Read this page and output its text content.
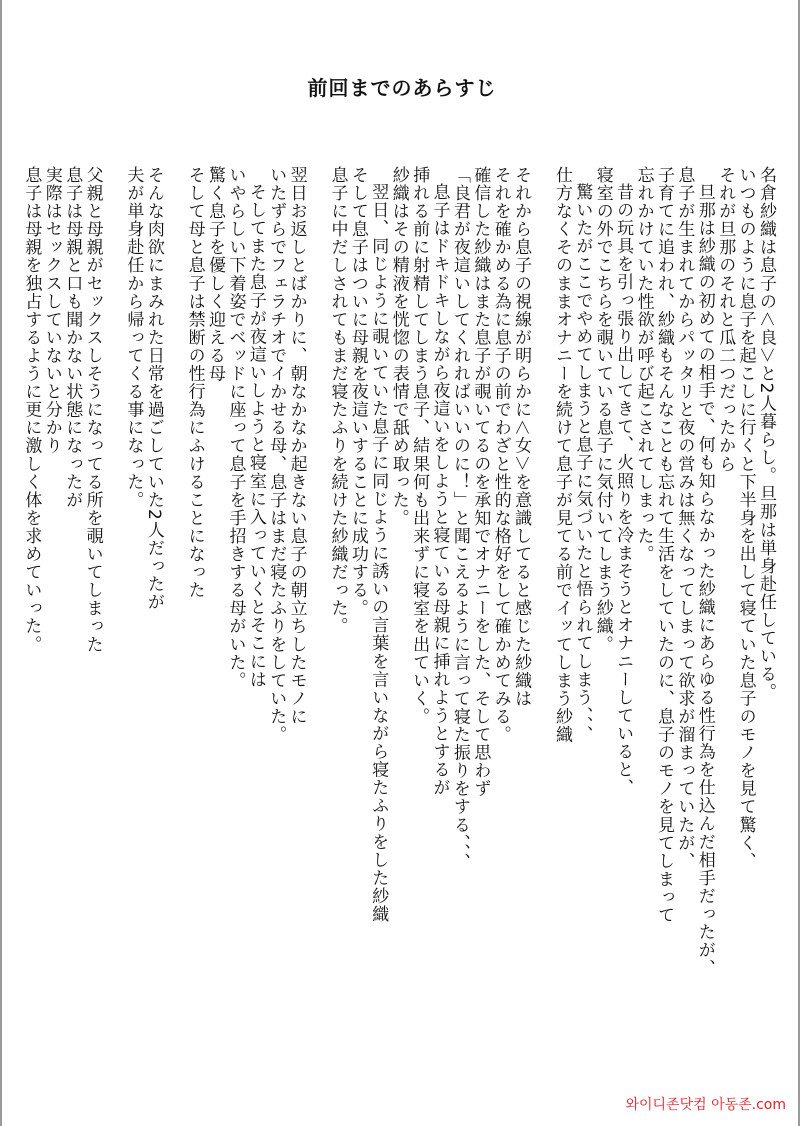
前回までのあらすじ
名倉紗織は息子の＜良＞と2人暮らし。旦那は単身赴任している。
いつものように息子を起こしに行くと下半身を出して寝ていた息子のモノを見て驚く、
それが旦那のそれと瓜二つだったから
旦那は紗織の初めての相手で、何も知らなかった紗織にあらゆる性行為を仕込んだ相手だったが、
息子が生まれてからパッタリと夜の営みは無くなってしまって欲求が溜まっていたが、
子育てに追われ、紗織もそんなことも忘れて生活をしていたのに、息子のモノを見てしまって
忘れかけていた性欲が呼び起こされてしまった。
昔の玩具を引っ張り出してきて、火照りを冷まそうとオナニーしていると、
寝室の外でこちらを覗いている息子に気付いてしまう紗織。
驚いたがここでやめてしまうと息子に気づいたと悟られてしまう、、、
仕方なくそのままオナニーを続けて息子が見てる前でイッてしまう紗織
それから息子の視線が明らかに＜女＞を意識してると感じた紗織は
それを確かめる為に息子の前でわざと性的な格好をして確かめてみる。
確信した紗織はまた息子が覗いてるのを承知でオナニーをした、そして思わず
「良君が夜這いしてくれればいいのに！」と聞こえるように言って寝た振りをする、、、
息子はドキドキしながら夜這いをしようと寝ている母親に挿れようとするが
挿れる前に射精してしまう息子、結果何も出来ずに寝室を出ていく。
紗織はその精液を恍惚の表情で舐め取った。
翌日、同じように覗いていた息子に同じように誘いの言葉を言いながら寝たふりをした紗織
そして息子はついに母親を夜這いすることに成功する。
息子に中だしされてもまだ寝たふりを続けた紗織だった。
翌日お返しとばかりに、朝なかなか起きない息子の朝立ちしたモノに
いたずらでフェラチオでイかせる母、息子はまだ寝たふりをしていた。
そしてまた息子が夜這いしようと寝室に入っていくとそこには
いやらしい下着姿でベッドに座って息子を手招きする母がいた。
驚く息子を優しく迎える母
そして母と息子は禁断の性行為にふけることになった
そんな肉欲にまみれた日常を過ごしていた2人だったが
夫が単身赴任から帰ってくる事になった。
父親と母親がセックスしそうになってる所を覗いてしまった
息子は母親と口も聞かない状態になったが
実際はセックスしていないと分かり
息子は母親を独占するように更に激しく体を求めていった。
와이디존닷컴 아동존.com
